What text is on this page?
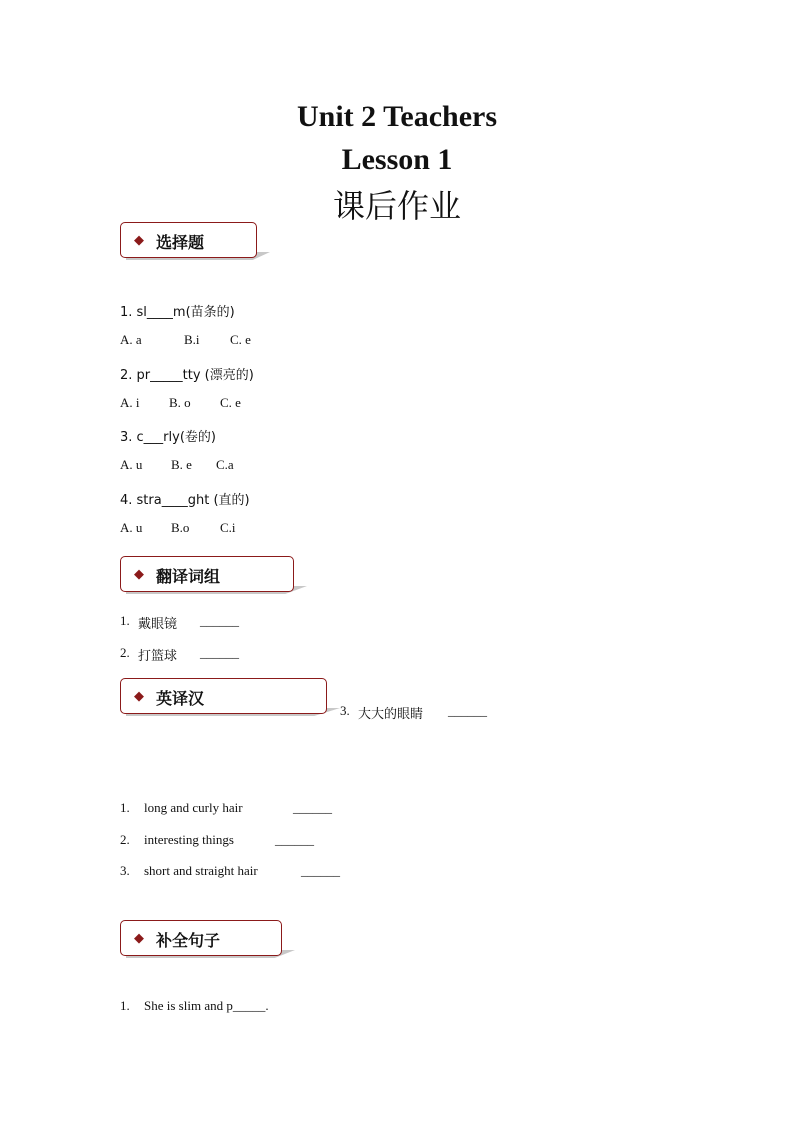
Unit 2 Teachers
Lesson 1
课后作业
◆ 选择题
1. sl____m(苗条的)
A. a	B.i C. e
2. pr_____tty (漂亮的)
A. i B. o C. e
3. c___rly(卷的)
A. u B. e C.a
4. stra____ght (直的)
A. u B.o C.i
◆ 翻译词组
1. 戴眼镜 ______
2. 打篮球 ______
◆ 英译汉
3. 大大的眼睛 ______
1. long and curly hair	______
2. interesting things	______
3. short and straight hair	______
◆ 补全句子
1. She is slim and p_____.
